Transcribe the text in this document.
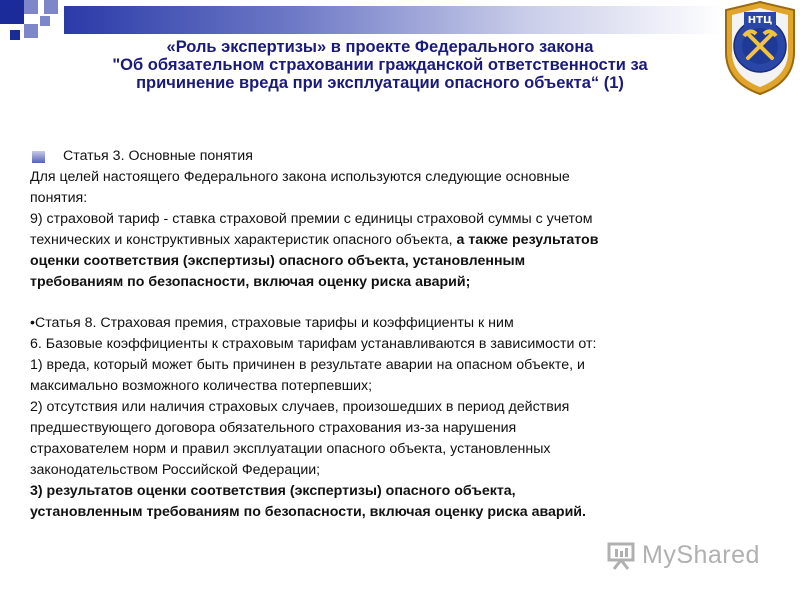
«Роль экспертизы» в проекте Федерального закона
"Об обязательном страховании гражданской ответственности за
причинение вреда при эксплуатации опасного объекта“ (1)
НТЦ
Статья 3. Основные понятия
Для целей настоящего Федерального закона используются следующие основные
понятия:
9) страховой тариф - ставка страховой премии с единицы страховой суммы с учетом
технических и конструктивных характеристик опасного объекта, а также результатов
оценки соответствия (экспертизы) опасного объекта, установленным
требованиям по безопасности, включая оценку риска аварий;
•Статья 8. Страховая премия, страховые тарифы и коэффициенты к ним
6. Базовые коэффициенты к страховым тарифам устанавливаются в зависимости от:
1) вреда, который может быть причинен в результате аварии на опасном объекте, и
максимально возможного количества потерпевших;
2) отсутствия или наличия страховых случаев, произошедших в период действия
предшествующего договора обязательного страхования из-за нарушения
страхователем норм и правил эксплуатации опасного объекта, установленных
законодательством Российской Федерации;
3) результатов оценки соответствия (экспертизы) опасного объекта,
установленным требованиям по безопасности, включая оценку риска аварий.
MyShared
